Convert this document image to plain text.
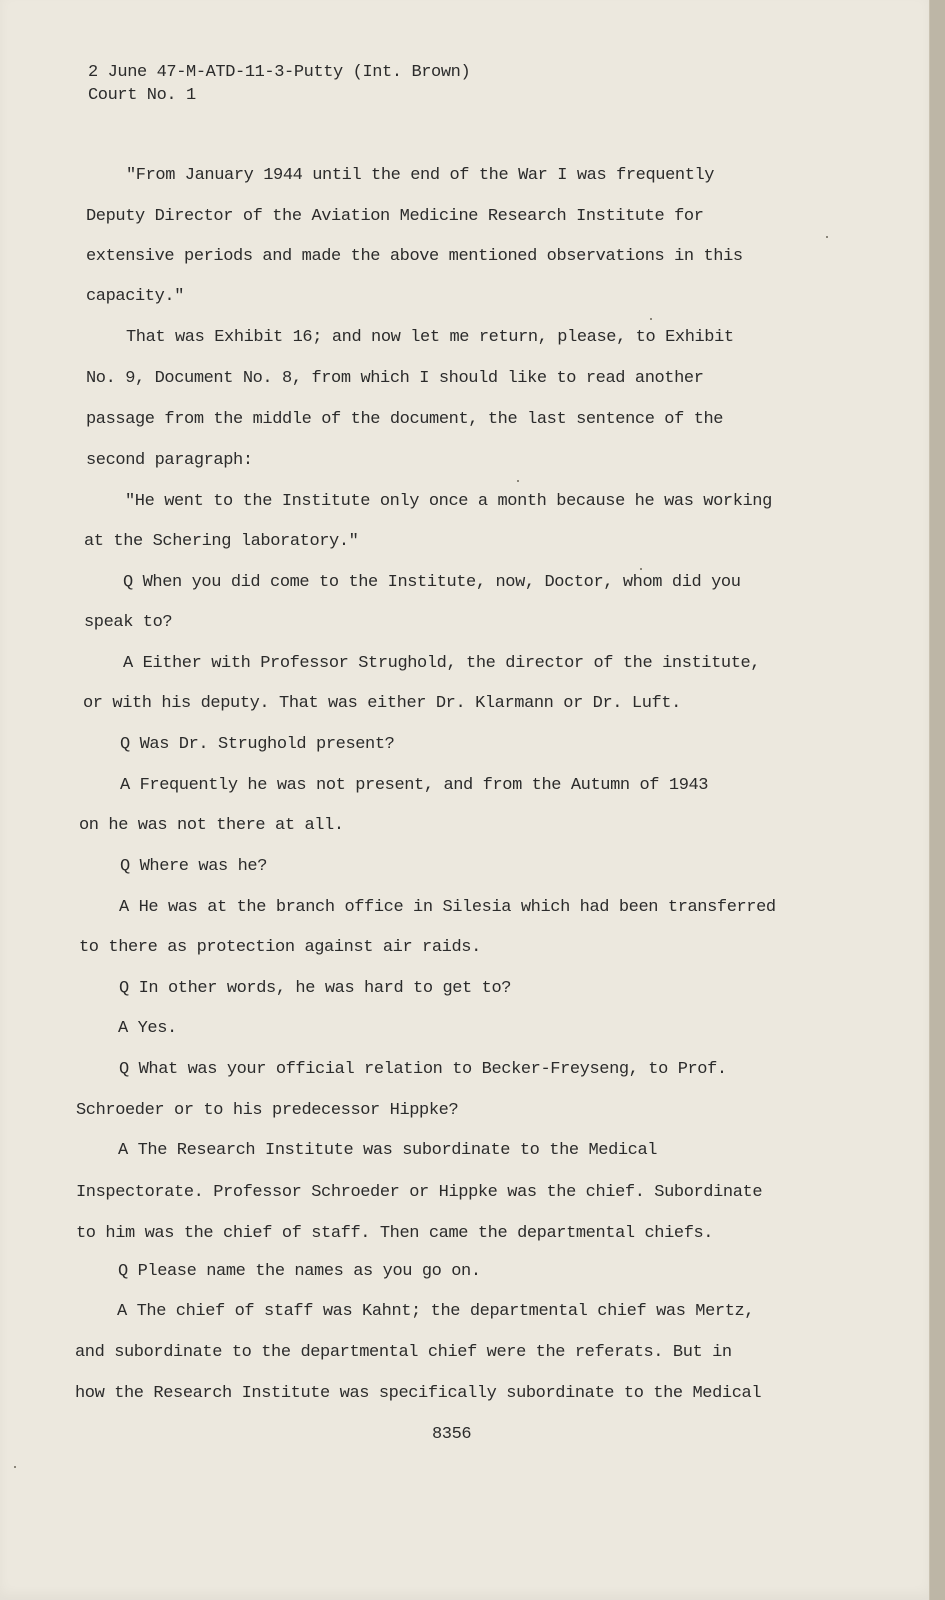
2 June 47-M-ATD-11-3-Putty (Int. Brown)
Court No. 1
"From January 1944 until the end of the War I was frequently
Deputy Director of the Aviation Medicine Research Institute for
extensive periods and made the above mentioned observations in this
capacity."
That was Exhibit 16; and now let me return, please, to Exhibit
No. 9, Document No. 8, from which I should like to read another
passage from the middle of the document, the last sentence of the
second paragraph:
"He went to the Institute only once a month because he was working
at the Schering laboratory."
Q When you did come to the Institute, now, Doctor, whom did you
speak to?
A Either with Professor Strughold, the director of the institute,
or with his deputy. That was either Dr. Klarmann or Dr. Luft.
Q Was Dr. Strughold present?
A Frequently he was not present, and from the Autumn of 1943
on he was not there at all.
Q Where was he?
A He was at the branch office in Silesia which had been transferred
to there as protection against air raids.
Q In other words, he was hard to get to?
A Yes.
Q What was your official relation to Becker-Freyseng, to Prof.
Schroeder or to his predecessor Hippke?
A The Research Institute was subordinate to the Medical
Inspectorate. Professor Schroeder or Hippke was the chief. Subordinate
to him was the chief of staff. Then came the departmental chiefs.
Q Please name the names as you go on.
A The chief of staff was Kahnt; the departmental chief was Mertz,
and subordinate to the departmental chief were the referats. But in
how the Research Institute was specifically subordinate to the Medical
8356
